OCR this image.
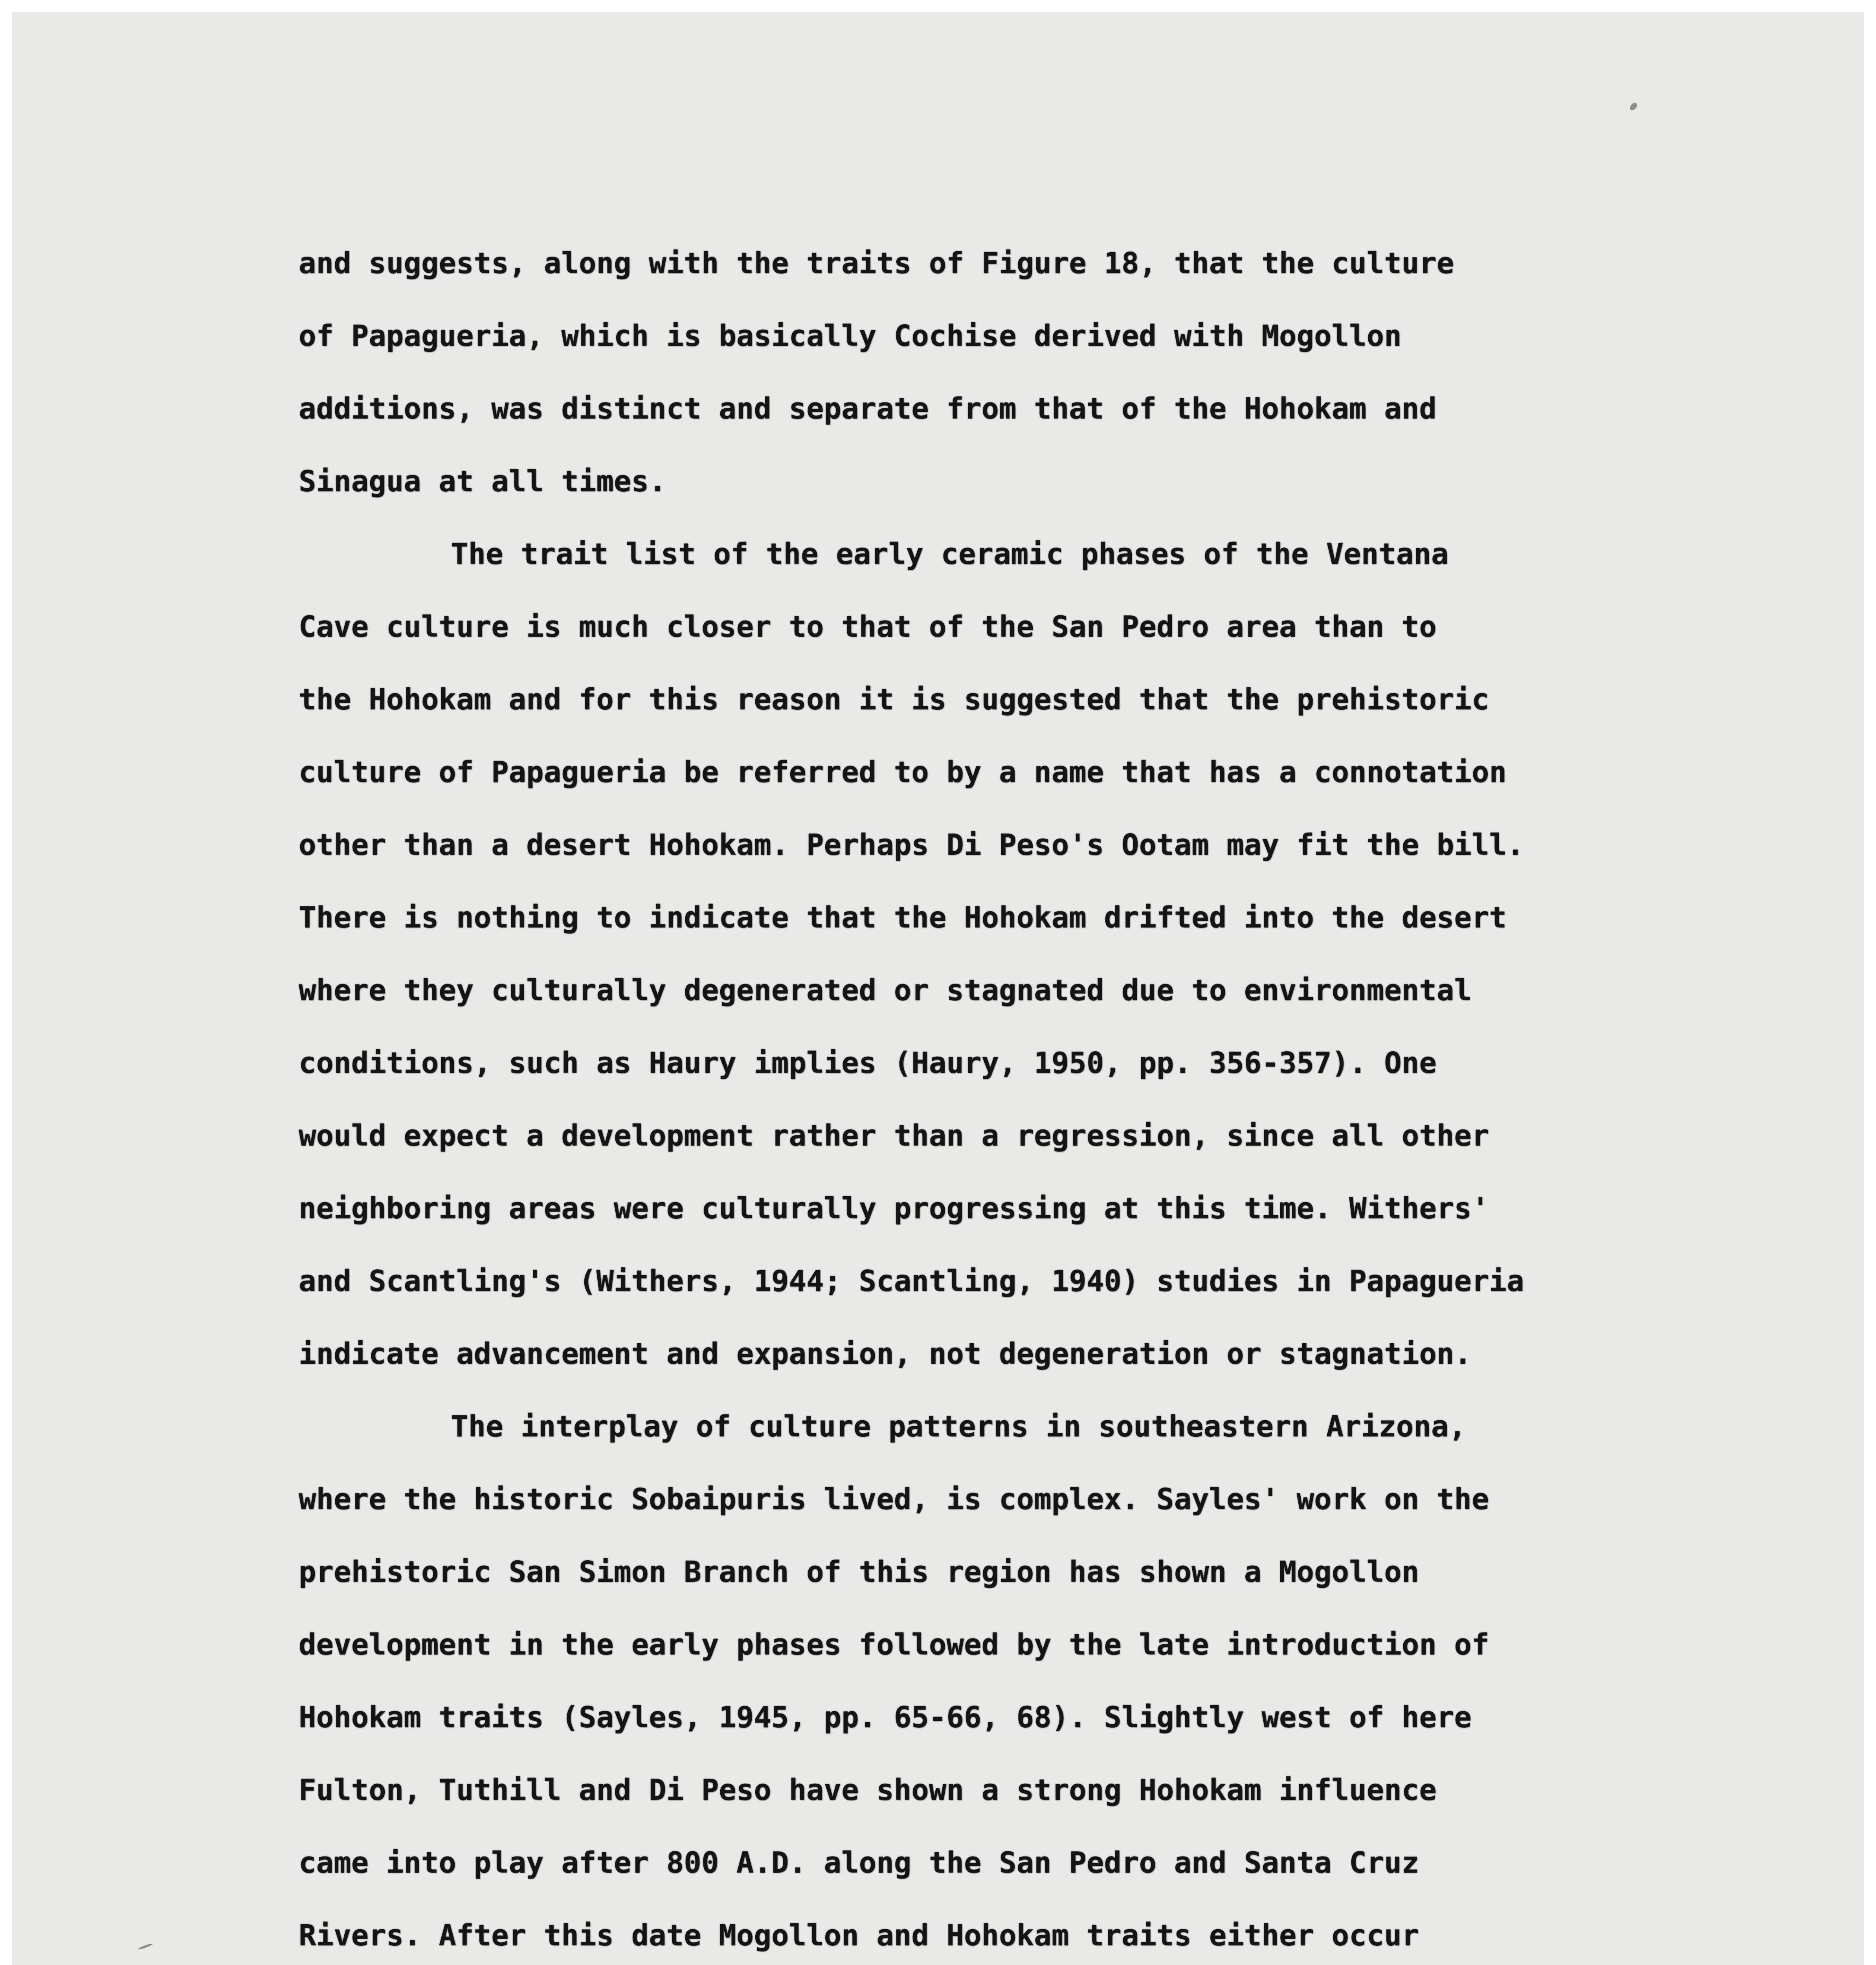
and suggests, along with the traits of Figure 18, that the culture
of Papagueria, which is basically Cochise derived with Mogollon
additions, was distinct and separate from that of the Hohokam and
Sinagua at all times.
The trait list of the early ceramic phases of the Ventana
Cave culture is much closer to that of the San Pedro area than to
the Hohokam and for this reason it is suggested that the prehistoric
culture of Papagueria be referred to by a name that has a connotation
other than a desert Hohokam. Perhaps Di Peso's Ootam may fit the bill.
There is nothing to indicate that the Hohokam drifted into the desert
where they culturally degenerated or stagnated due to environmental
conditions, such as Haury implies (Haury, 1950, pp. 356-357). One
would expect a development rather than a regression, since all other
neighboring areas were culturally progressing at this time. Withers'
and Scantling's (Withers, 1944; Scantling, 1940) studies in Papagueria
indicate advancement and expansion, not degeneration or stagnation.
The interplay of culture patterns in southeastern Arizona,
where the historic Sobaipuris lived, is complex. Sayles' work on the
prehistoric San Simon Branch of this region has shown a Mogollon
development in the early phases followed by the late introduction of
Hohokam traits (Sayles, 1945, pp. 65-66, 68). Slightly west of here
Fulton, Tuthill and Di Peso have shown a strong Hohokam influence
came into play after 800 A.D. along the San Pedro and Santa Cruz
Rivers. After this date Mogollon and Hohokam traits either occur
